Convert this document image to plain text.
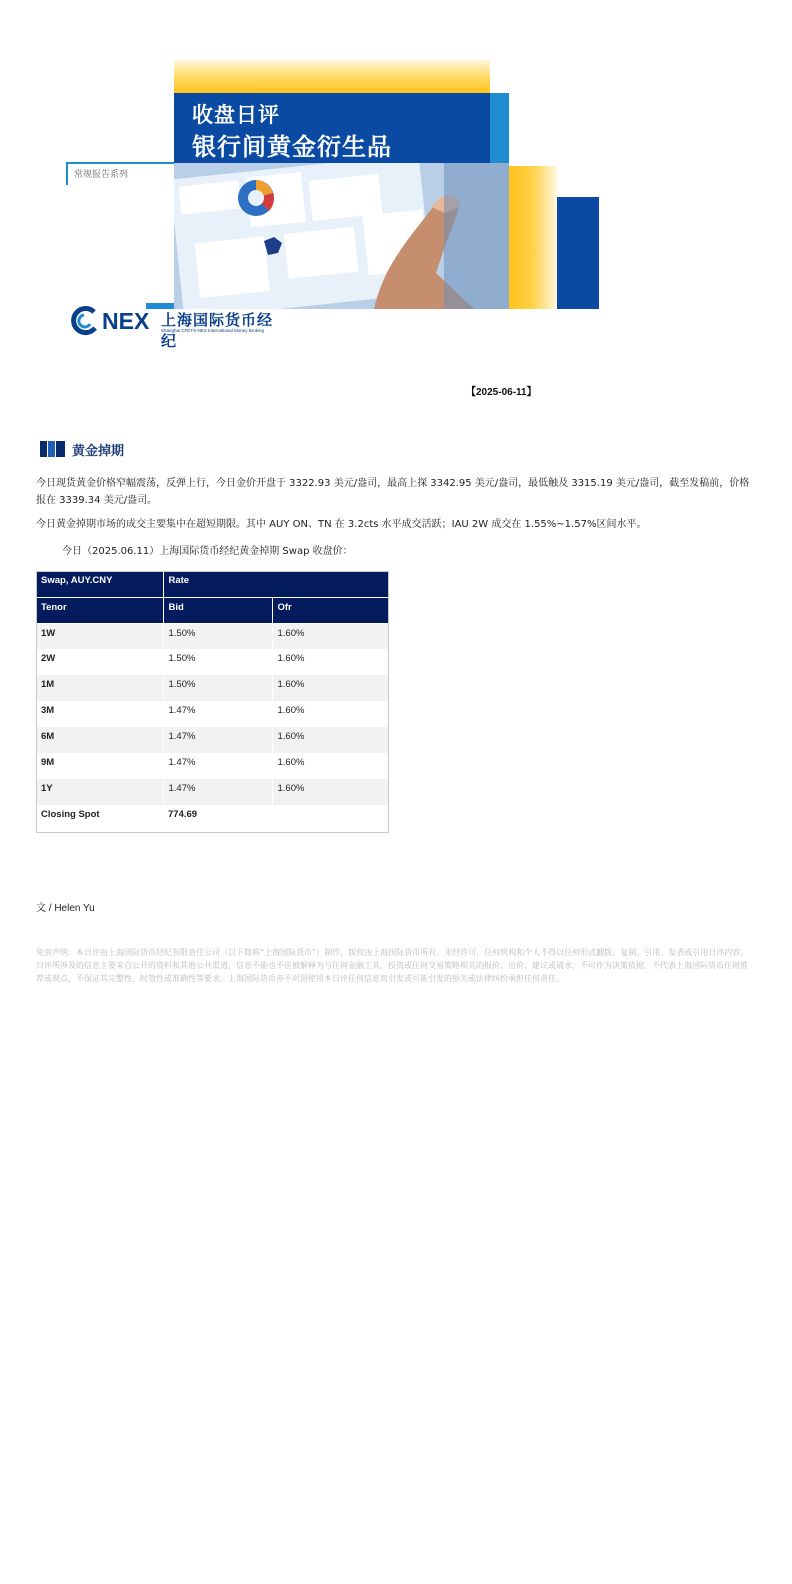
收盘日评
银行间黄金衍生品
常规报告系列
NEX 上海国际货币经纪
Shanghai CFETS-NEX International Money Broking
【2025-06-11】
黄金掉期
今日现货黄金价格窄幅震荡，反弹上行，今日金价开盘于 3322.93 美元/盎司，最高上探 3342.95 美元/盎司，最低触及 3315.19 美元/盎司，截至发稿前，价格报在 3339.34 美元/盎司。
今日黄金掉期市场的成交主要集中在超短期限。其中 AUY ON、TN 在 3.2cts 水平成交活跃；IAU 2W 成交在 1.55%~1.57%区间水平。
今日（2025.06.11）上海国际货币经纪黄金掉期 Swap 收盘价：
Swap, AUY.CNY	Rate	
Tenor	Bid	Ofr
1W	1.50%	1.60%
2W	1.50%	1.60%
1M	1.50%	1.60%
3M	1.47%	1.60%
6M	1.47%	1.60%
9M	1.47%	1.60%
1Y	1.47%	1.60%
Closing Spot	774.69	
文 / Helen Yu
免责声明：本日评由上海国际货币经纪有限责任公司（以下简称“上海国际货币”）制作，版权由上海国际货币所有。未经许可，任何机构和个人不得以任何形式翻版、复制、引用、发表或引用日评内容。日评所涉及的信息主要来自公开的资料和其他公共渠道，信息不能也不应被解释为与任何金融工具、投资或任何交易策略相关的报价、出价、建议或请求，不可作为决策依据，不代表上海国际货币任何推荐或观点，不保证其完整性、时效性或准确性等要求。上海国际货币亦不对因使用本日评任何信息而引发或可能引发的损失或法律纠纷承担任何责任。
